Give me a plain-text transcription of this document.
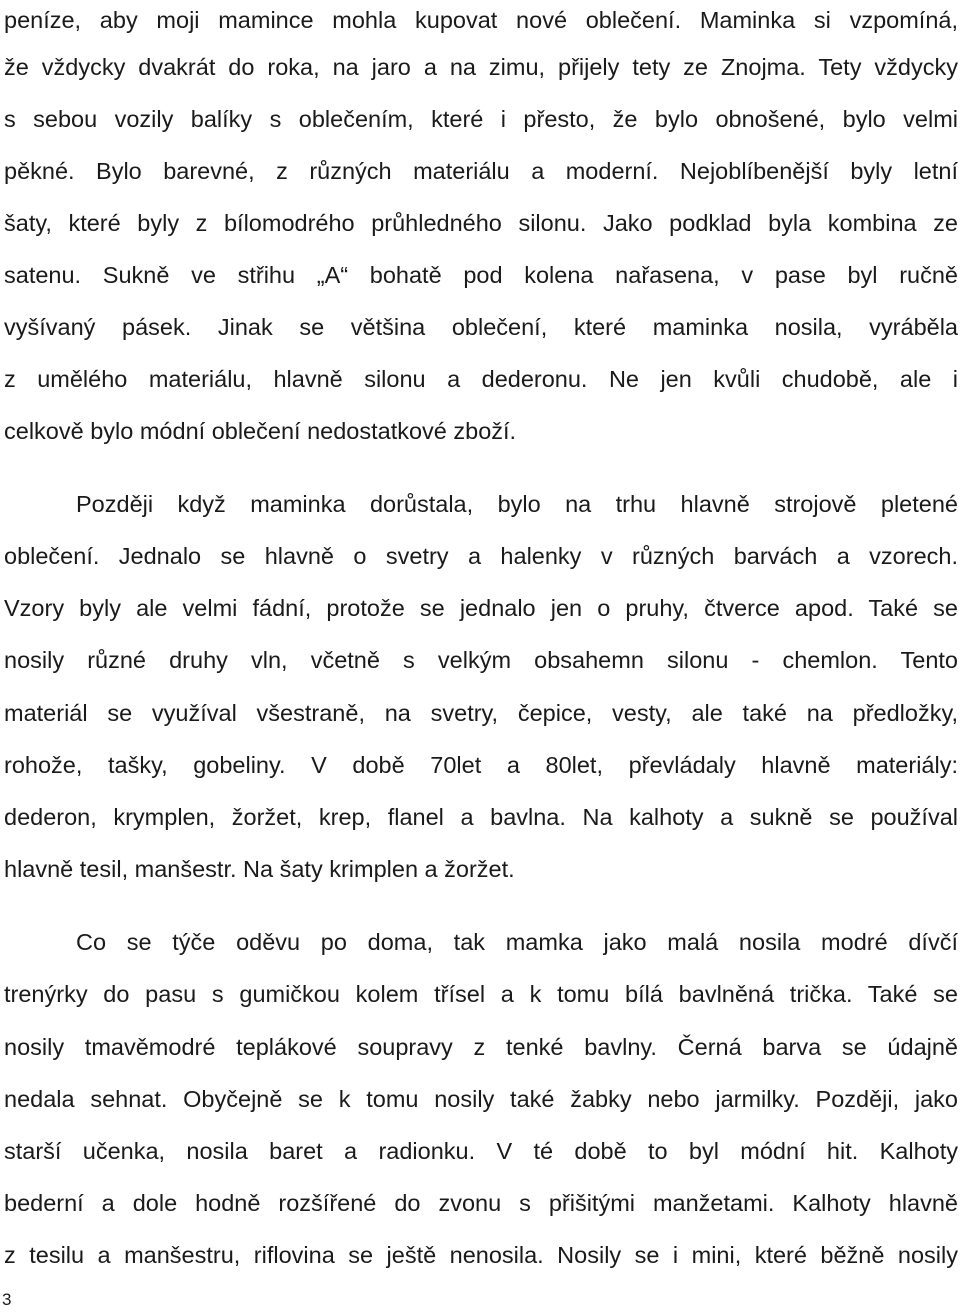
peníze, aby moji mamince mohla kupovat nové oblečení. Maminka si vzpomíná,
že vždycky dvakrát do roka, na jaro a na zimu, přijely tety ze Znojma. Tety vždycky
s sebou vozily balíky s oblečením, které i přesto, že bylo obnošené, bylo velmi
pěkné. Bylo barevné, z různých materiálu a moderní. Nejoblíbenější byly letní
šaty, které byly z bílomodrého průhledného silonu. Jako podklad byla kombina ze
satenu. Sukně ve střihu „A“ bohatě pod kolena nařasena, v pase byl ručně
vyšívaný pásek. Jinak se většina oblečení, které maminka nosila, vyráběla
z umělého materiálu, hlavně silonu a dederonu. Ne jen kvůli chudobě, ale i
celkově bylo módní oblečení nedostatkové zboží.
Později když maminka dorůstala, bylo na trhu hlavně strojově pletené
oblečení. Jednalo se hlavně o svetry a halenky v různých barvách a vzorech.
Vzory byly ale velmi fádní, protože se jednalo jen o pruhy, čtverce apod. Také se
nosily různé druhy vln, včetně s velkým obsahemn silonu - chemlon. Tento
materiál se využíval všestraně, na svetry, čepice, vesty, ale také na předložky,
rohože, tašky, gobeliny. V době 70let a 80let, převládaly hlavně materiály:
dederon, krymplen, žoržet, krep, flanel a bavlna. Na kalhoty a sukně se používal
hlavně tesil, manšestr. Na šaty krimplen a žoržet.
Co se týče oděvu po doma, tak mamka jako malá nosila modré dívčí
trenýrky do pasu s gumičkou kolem třísel a k tomu bílá bavlněná trička. Také se
nosily tmavěmodré teplákové soupravy z tenké bavlny. Černá barva se údajně
nedala sehnat. Obyčejně se k tomu nosily také žabky nebo jarmilky. Později, jako
starší učenka, nosila baret a radionku. V té době to byl módní hit. Kalhoty
bederní a dole hodně rozšířené do zvonu s přišitými manžetami. Kalhoty hlavně
z tesilu a manšestru, riflovina se ještě nenosila. Nosily se i mini, které běžně nosily
3
